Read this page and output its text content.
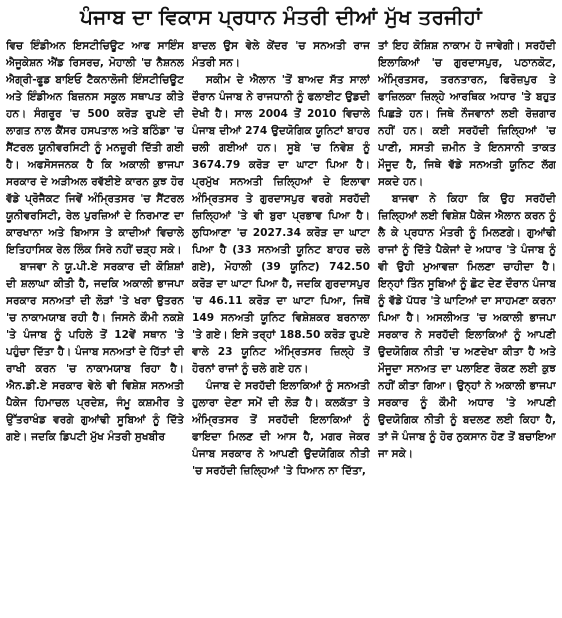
ਪੰਜਾਬ ਦਾ ਵਿਕਾਸ ਪ੍ਰਧਾਨ ਮੰਤਰੀ ਦੀਆਂ ਮੁੱਖ ਤਰਜੀਹਾਂ

ਵਿਚ ਇੰਡੀਅਨ ਇਸਟੀਚਿਊਟ ਆਫ ਸਾਇੰਸ ਐਜੂਕੇਸ਼ਨ ਐਂਡ ਰਿਸਰਚ, ਮੋਹਾਲੀ 'ਚ ਨੈਸ਼ਨਲ ਐਗ੍ਰੀ-ਫੂਡ ਬਾਇਓ ਟੈਕਨਾਲੋਜੀ ਇੰਸਟੀਚਿਊਟ ਅਤੇ ਇੰਡੀਅਨ ਬਿਜ਼ਨਸ ਸਕੂਲ ਸਥਾਪਤ ਕੀਤੇ ਹਨ। ਸੰਗਰੂਰ 'ਚ 500 ਕਰੋੜ ਰੁਪਏ ਦੀ ਲਾਗਤ ਨਾਲ ਕੈਂਸਰ ਹਸਪਤਾਲ ਅਤੇ ਬਠਿੰਡਾ 'ਚ ਸੈਂਟਰਲ ਯੂਨੀਵਰਸਿਟੀ ਨੂੰ ਮਨਜ਼ੂਰੀ ਦਿੱਤੀ ਗਈ ਹੈ। ਅਫਸੋਸਜਨਕ ਹੈ ਕਿ ਅਕਾਲੀ ਭਾਜਪਾ ਸਰਕਾਰ ਦੇ ਅੜੀਅਲ ਰਵੱਈਏ ਕਾਰਨ ਕੁਝ ਹੋਰ ਵੱਡੇ ਪ੍ਰੋਜੈਕਟ ਜਿਵੇਂ ਅੰਮ੍ਰਿਤਸਰ 'ਚ ਸੈਂਟਰਲ ਯੂਨੀਵਰਸਿਟੀ, ਰੇਲ ਪੁਰਜ਼ਿਆਂ ਦੇ ਨਿਰਮਾਣ ਦਾ ਕਾਰਖਾਨਾ ਅਤੇ ਬਿਆਸ ਤੇ ਕਾਦੀਆਂ ਵਿਚਾਲੇ ਇਤਿਹਾਸਿਕ ਰੇਲ ਲਿੰਕ ਸਿਰੇ ਨਹੀਂ ਚੜ੍ਹ ਸਕੇ।

ਬਾਜਵਾ ਨੇ ਯੂ.ਪੀ.ਏ ਸਰਕਾਰ ਦੀ ਕੋਸ਼ਿਸ਼ਾਂ ਦੀ ਸ਼ਲਾਘਾ ਕੀਤੀ ਹੈ, ਜਦਕਿ ਅਕਾਲੀ ਭਾਜਪਾ ਸਰਕਾਰ ਸਨਅਤਾਂ ਦੀ ਲੋੜਾਂ 'ਤੇ ਖਰਾ ਉਤਰਨ 'ਚ ਨਾਕਾਮਯਾਬ ਰਹੀ ਹੈ। ਜਿਸਨੇ ਕੌਮੀ ਨਕਸ਼ੇ 'ਤੇ ਪੰਜਾਬ ਨੂੰ ਪਹਿਲੇ ਤੋਂ 12ਵੇਂ ਸਥਾਨ 'ਤੇ ਪਹੁੰਚਾ ਦਿੱਤਾ ਹੈ। ਪੰਜਾਬ ਸਨਅਤਾਂ ਦੇ ਹਿੱਤਾਂ ਦੀ ਰਾਖੀ ਕਰਨ 'ਚ ਨਾਕਾਮਯਾਬ ਰਿਹਾ ਹੈ। ਐਨ.ਡੀ.ਏ ਸਰਕਾਰ ਵੇਲੇ ਵੀ ਵਿਸ਼ੇਸ਼ ਸਨਅਤੀ ਪੈਕੇਜ ਹਿਮਾਚਲ ਪ੍ਰਦੇਸ਼, ਜੰਮੂ ਕਸ਼ਮੀਰ ਤੇ ਉੱਤਰਾਖੰਡ ਵਰਗੇ ਗੁਆਂਢੀ ਸੂਬਿਆਂ ਨੂੰ ਦਿੱਤੇ ਗਏ। ਜਦਕਿ ਡਿਪਟੀ ਮੁੱਖ ਮੰਤਰੀ ਸੁਖਬੀਰ

ਬਾਦਲ ਉਸ ਵੇਲੇ ਕੇਂਦਰ 'ਚ ਸਨਅਤੀ ਰਾਜ ਮੰਤਰੀ ਸਨ।

ਸਕੀਮ ਦੇ ਐਲਾਨ 'ਤੋਂ ਬਾਅਦ ਸੱਤ ਸਾਲਾਂ ਦੌਰਾਨ ਪੰਜਾਬ ਨੇ ਰਾਜਧਾਨੀ ਨੂੰ ਫਲਾਈਟ ਉਡਦੀ ਦੇਖੀ ਹੈ। ਸਾਲ 2004 ਤੋਂ 2010 ਵਿਚਾਲੇ ਪੰਜਾਬ ਦੀਆਂ 274 ਉਦਯੋਗਿਕ ਯੂਨਿਟਾਂ ਬਾਹਰ ਚਲੀ ਗਈਆਂ ਹਨ। ਸੂਬੇ 'ਚ ਨਿਵੇਸ਼ ਨੂੰ 3674.79 ਕਰੋੜ ਦਾ ਘਾਟਾ ਪਿਆ ਹੈ। ਪ੍ਰਮੁੱਖ ਸਨਅਤੀ ਜ਼ਿਲ੍ਹਿਆਂ ਦੇ ਇਲਾਵਾ ਅੰਮ੍ਰਿਤਸਰ ਤੇ ਗੁਰਦਾਸਪੁਰ ਵਰਗੇ ਸਰਹੱਦੀ ਜ਼ਿਲ੍ਹਿਆਂ 'ਤੇ ਵੀ ਬੁਰਾ ਪ੍ਰਭਾਵ ਪਿਆ ਹੈ। ਲੁਧਿਆਣਾ 'ਚ 2027.34 ਕਰੋੜ ਦਾ ਘਾਟਾ ਪਿਆ ਹੈ (33 ਸਨਅਤੀ ਯੂਨਿਟ ਬਾਹਰ ਚਲੇ ਗਏ), ਮੋਹਾਲੀ (39 ਯੂਨਿਟ) 742.50 ਕਰੋੜ ਦਾ ਘਾਟਾ ਪਿਆ ਹੈ, ਜਦਕਿ ਗੁਰਦਾਸਪੁਰ 'ਚ 46.11 ਕਰੋੜ ਦਾ ਘਾਟਾ ਪਿਆ, ਜਿਥੋਂ 149 ਸਨਅਤੀ ਯੂਨਿਟ ਵਿਸ਼ੇਸ਼ਕਰ ਬਰਨਾਲਾ 'ਤੇ ਗਏ। ਇਸੇ ਤਰ੍ਹਾਂ 188.50 ਕਰੋੜ ਰੁਪਏ ਵਾਲੇ 23 ਯੂਨਿਟ ਅੰਮ੍ਰਿਤਸਰ ਜ਼ਿਲ੍ਹੇ ਤੋਂ ਹੋਰਨਾਂ ਰਾਜਾਂ ਨੂੰ ਚਲੇ ਗਏ ਹਨ।

ਪੰਜਾਬ ਦੇ ਸਰਹੱਦੀ ਇਲਾਕਿਆਂ ਨੂੰ ਸਨਅਤੀ ਹੁਲਾਰਾ ਦੇਣਾ ਸਮੇਂ ਦੀ ਲੋੜ ਹੈ। ਕਲਕੱਤਾ ਤੇ ਅੰਮ੍ਰਿਤਸਰ ਤੋਂ ਸਰਹੱਦੀ ਇਲਾਕਿਆਂ ਨੂੰ ਫਾਇਦਾ ਮਿਲਣ ਦੀ ਆਸ ਹੈ, ਮਗਰ ਜੇਕਰ ਪੰਜਾਬ ਸਰਕਾਰ ਨੇ ਆਪਣੀ ਉਦਯੋਗਿਕ ਨੀਤੀ 'ਚ ਸਰਹੱਦੀ ਜ਼ਿਲ੍ਹਿਆਂ 'ਤੇ ਧਿਆਨ ਨਾ ਦਿੱਤਾ,

ਤਾਂ ਇਹ ਕੋਸ਼ਿਸ਼ ਨਾਕਾਮ ਹੋ ਜਾਵੇਗੀ। ਸਰਹੱਦੀ ਇਲਾਕਿਆਂ 'ਚ ਗੁਰਦਾਸਪੁਰ, ਪਠਾਨਕੋਟ, ਅੰਮ੍ਰਿਤਸਰ, ਤਰਨਤਾਰਨ, ਫਿਰੋਜ਼ਪੁਰ ਤੇ ਫਾਜ਼ਿਲਕਾ ਜ਼ਿਲ੍ਹੇ ਆਰਥਿਕ ਅਧਾਰ 'ਤੇ ਬਹੁਤ ਪਿਛੜੇ ਹਨ। ਜਿਥੇ ਨੌਜਵਾਨਾਂ ਲਈ ਰੋਜ਼ਗਾਰ ਨਹੀਂ ਹਨ। ਕਈ ਸਰਹੱਦੀ ਜ਼ਿਲ੍ਹਿਆਂ 'ਚ ਪਾਣੀ, ਸਸਤੀ ਜ਼ਮੀਨ ਤੇ ਇਨਸਾਨੀ ਤਾਕਤ ਮੌਜੂਦ ਹੈ, ਜਿਥੇ ਵੱਡੇ ਸਨਅਤੀ ਯੂਨਿਟ ਲੱਗ ਸਕਦੇ ਹਨ।

ਬਾਜਵਾ ਨੇ ਕਿਹਾ ਕਿ ਉਹ ਸਰਹੱਦੀ ਜ਼ਿਲ੍ਹਿਆਂ ਲਈ ਵਿਸ਼ੇਸ਼ ਪੈਕੇਜ ਐਲਾਨ ਕਰਨ ਨੂੰ ਲੈ ਕੇ ਪ੍ਰਧਾਨ ਮੰਤਰੀ ਨੂੰ ਮਿਲਣਗੇ। ਗੁਆਂਢੀ ਰਾਜਾਂ ਨੂੰ ਦਿੱਤੇ ਪੈਕੇਜਾਂ ਦੇ ਅਧਾਰ 'ਤੇ ਪੰਜਾਬ ਨੂੰ ਵੀ ਉਹੀ ਮੁਆਵਜ਼ਾ ਮਿਲਣਾ ਚਾਹੀਦਾ ਹੈ। ਇਨ੍ਹਾਂ ਤਿੰਨ ਸੂਬਿਆਂ ਨੂੰ ਛੋਟ ਦੇਣ ਦੌਰਾਨ ਪੰਜਾਬ ਨੂੰ ਵੱਡੇ ਪੱਧਰ 'ਤੇ ਘਾਟਿਆਂ ਦਾ ਸਾਹਮਣਾ ਕਰਨਾ ਪਿਆ ਹੈ। ਅਸਲੀਅਤ 'ਚ ਅਕਾਲੀ ਭਾਜਪਾ ਸਰਕਾਰ ਨੇ ਸਰਹੱਦੀ ਇਲਾਕਿਆਂ ਨੂੰ ਆਪਣੀ ਉਦਯੋਗਿਕ ਨੀਤੀ 'ਚ ਅਣਦੇਖਾ ਕੀਤਾ ਹੈ ਅਤੇ ਮੌਜੂਦਾ ਸਨਅਤ ਦਾ ਪਲਾਇਣ ਰੋਕਣ ਲਈ ਕੁਝ ਨਹੀਂ ਕੀਤਾ ਗਿਆ। ਉਨ੍ਹਾਂ ਨੇ ਅਕਾਲੀ ਭਾਜਪਾ ਸਰਕਾਰ ਨੂੰ ਕੌਮੀ ਅਧਾਰ 'ਤੇ ਆਪਣੀ ਉਦਯੋਗਿਕ ਨੀਤੀ ਨੂੰ ਬਦਲਣ ਲਈ ਕਿਹਾ ਹੈ, ਤਾਂ ਜੋ ਪੰਜਾਬ ਨੂੰ ਹੋਰ ਨੁਕਸਾਨ ਹੋਣ ਤੋਂ ਬਚਾਇਆ ਜਾ ਸਕੇ।
